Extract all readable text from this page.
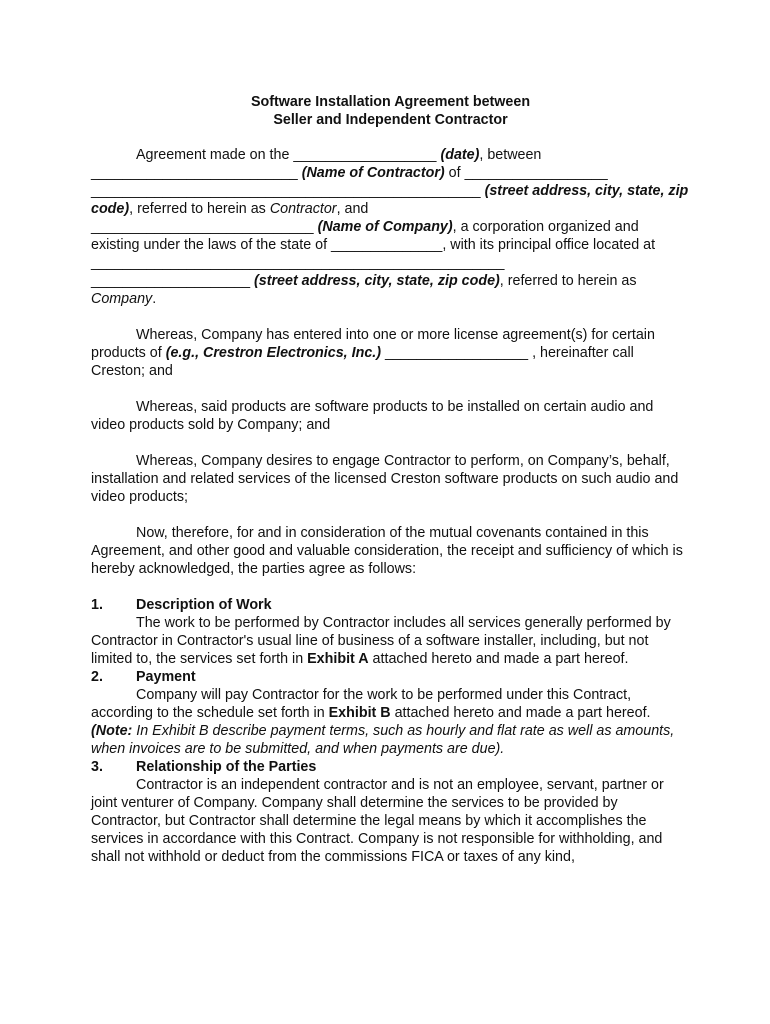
Software Installation Agreement between
Seller and Independent Contractor

Agreement made on the __________________ (date), between
__________________________ (Name of Contractor) of __________________
_________________________________________________ (street address, city, state, zip code), referred to herein as Contractor, and
____________________________ (Name of Company), a corporation organized and existing under the laws of the state of ______________, with its principal office located at ____________________________________________________
____________________ (street address, city, state, zip code), referred to herein as Company.

Whereas, Company has entered into one or more license agreement(s) for certain products of (e.g., Crestron Electronics, Inc.) __________________ , hereinafter call Creston; and

Whereas, said products are software products to be installed on certain audio and video products sold by Company; and

Whereas, Company desires to engage Contractor to perform, on Company’s, behalf, installation and related services of the licensed Creston software products on such audio and video products;

Now, therefore, for and in consideration of the mutual covenants contained in this Agreement, and other good and valuable consideration, the receipt and sufficiency of which is hereby acknowledged, the parties agree as follows:

1. Description of Work
The work to be performed by Contractor includes all services generally performed by Contractor in Contractor's usual line of business of a software installer, including, but not limited to, the services set forth in Exhibit A attached hereto and made a part hereof.
2. Payment
Company will pay Contractor for the work to be performed under this Contract, according to the schedule set forth in Exhibit B attached hereto and made a part hereof. (Note: In Exhibit B describe payment terms, such as hourly and flat rate as well as amounts, when invoices are to be submitted, and when payments are due).
3. Relationship of the Parties
Contractor is an independent contractor and is not an employee, servant, partner or joint venturer of Company. Company shall determine the services to be provided by Contractor, but Contractor shall determine the legal means by which it accomplishes the services in accordance with this Contract. Company is not responsible for withholding, and shall not withhold or deduct from the commissions FICA or taxes of any kind,
